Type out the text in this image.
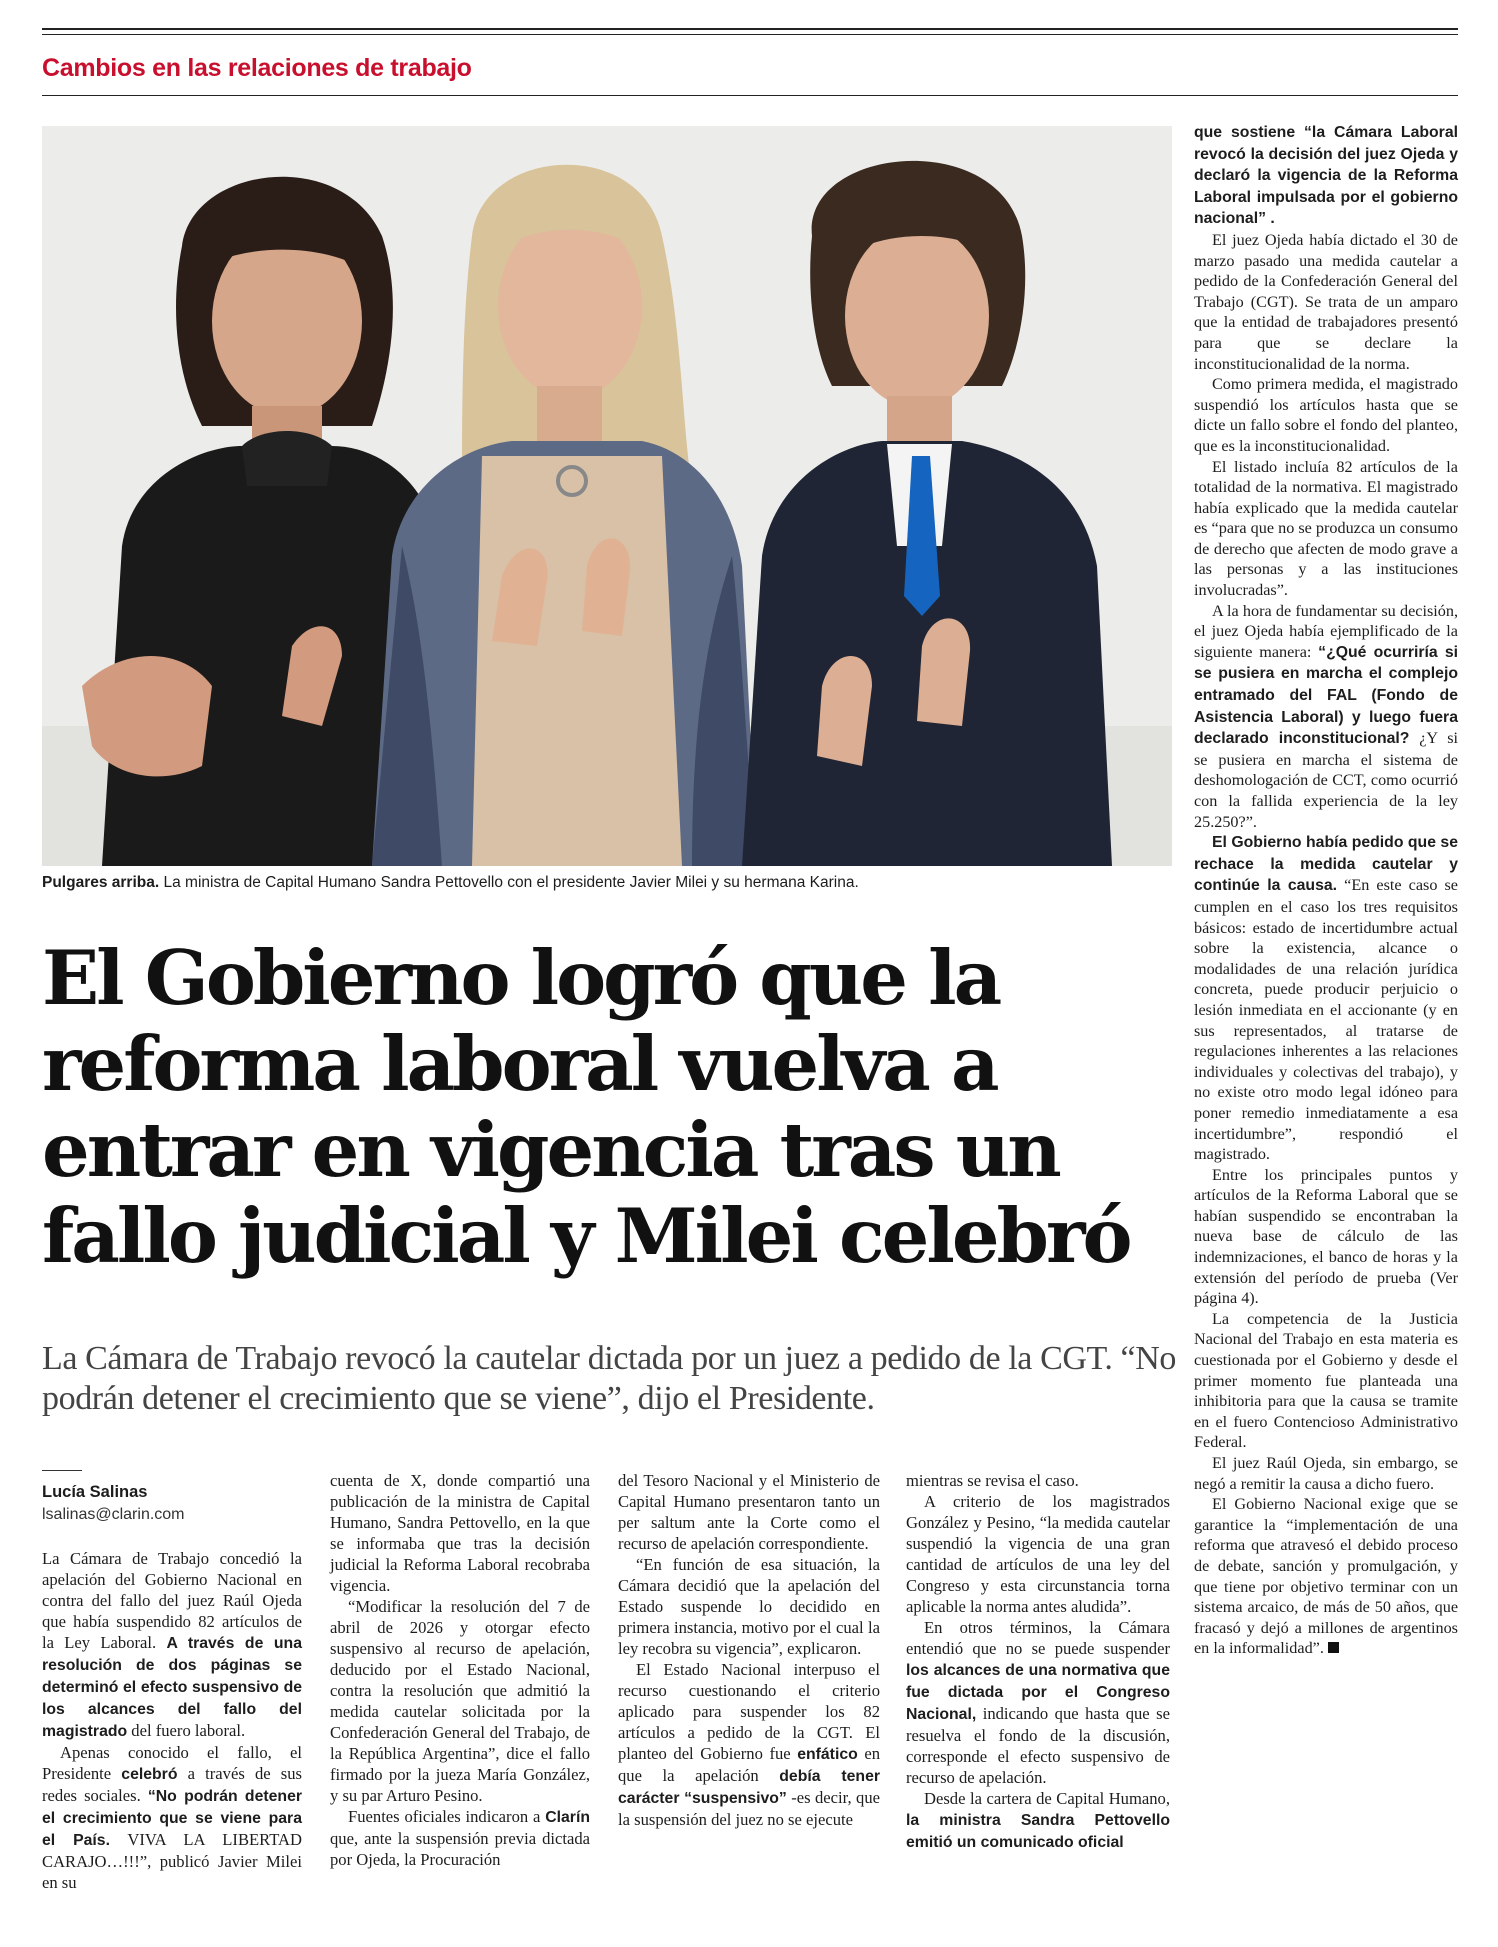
Cambios en las relaciones de trabajo
Pulgares arriba. La ministra de Capital Humano Sandra Pettovello con el presidente Javier Milei y su hermana Karina.
El Gobierno logró que la reforma laboral vuelva a entrar en vigencia tras un fallo judicial y Milei celebró
La Cámara de Trabajo revocó la cautelar dictada por un juez a pedido de la CGT. “No podrán detener el crecimiento que se viene”, dijo el Presidente.
Lucía Salinas
lsalinas@clarin.com

La Cámara de Trabajo concedió la apelación del Gobierno Nacional en contra del fallo del juez Raúl Ojeda que había suspendido 82 artículos de la Ley Laboral. A través de una resolución de dos páginas se determinó el efecto suspensivo de los alcances del fallo del magistrado del fuero laboral.

Apenas conocido el fallo, el Presidente celebró a través de sus redes sociales. “No podrán detener el crecimiento que se viene para el País. VIVA LA LIBERTAD CARAJO…!!!”, publicó Javier Milei en su

cuenta de X, donde compartió una publicación de la ministra de Capital Humano, Sandra Pettovello, en la que se informaba que tras la decisión judicial la Reforma Laboral recobraba vigencia.

“Modificar la resolución del 7 de abril de 2026 y otorgar efecto suspensivo al recurso de apelación, deducido por el Estado Nacional, contra la resolución que admitió la medida cautelar solicitada por la Confederación General del Trabajo, de la República Argentina”, dice el fallo firmado por la jueza María González, y su par Arturo Pesino.

Fuentes oficiales indicaron a Clarín que, ante la suspensión previa dictada por Ojeda, la Procuración

del Tesoro Nacional y el Ministerio de Capital Humano presentaron tanto un per saltum ante la Corte como el recurso de apelación correspondiente.

“En función de esa situación, la Cámara decidió que la apelación del Estado suspende lo decidido en primera instancia, motivo por el cual la ley recobra su vigencia”, explicaron.

El Estado Nacional interpuso el recurso cuestionando el criterio aplicado para suspender los 82 artículos a pedido de la CGT. El planteo del Gobierno fue enfático en que la apelación debía tener carácter “suspensivo” -es decir, que la suspensión del juez no se ejecute

mientras se revisa el caso.

A criterio de los magistrados González y Pesino, “la medida cautelar suspendió la vigencia de una gran cantidad de artículos de una ley del Congreso y esta circunstancia torna aplicable la norma antes aludida”.

En otros términos, la Cámara entendió que no se puede suspender los alcances de una normativa que fue dictada por el Congreso Nacional, indicando que hasta que se resuelva el fondo de la discusión, corresponde el efecto suspensivo de recurso de apelación.

Desde la cartera de Capital Humano, la ministra Sandra Pettovello emitió un comunicado oficial

que sostiene “la Cámara Laboral revocó la decisión del juez Ojeda y declaró la vigencia de la Reforma Laboral impulsada por el gobierno nacional” .

El juez Ojeda había dictado el 30 de marzo pasado una medida cautelar a pedido de la Confederación General del Trabajo (CGT). Se trata de un amparo que la entidad de trabajadores presentó para que se declare la inconstitucionalidad de la norma.

Como primera medida, el magistrado suspendió los artículos hasta que se dicte un fallo sobre el fondo del planteo, que es la inconstitucionalidad.

El listado incluía 82 artículos de la totalidad de la normativa. El magistrado había explicado que la medida cautelar es “para que no se produzca un consumo de derecho que afecten de modo grave a las personas y a las instituciones involucradas”.

A la hora de fundamentar su decisión, el juez Ojeda había ejemplificado de la siguiente manera: “¿Qué ocurriría si se pusiera en marcha el complejo entramado del FAL (Fondo de Asistencia Laboral) y luego fuera declarado inconstitucional? ¿Y si se pusiera en marcha el sistema de deshomologación de CCT, como ocurrió con la fallida experiencia de la ley 25.250?”.

El Gobierno había pedido que se rechace la medida cautelar y continúe la causa. “En este caso se cumplen en el caso los tres requisitos básicos: estado de incertidumbre actual sobre la existencia, alcance o modalidades de una relación jurídica concreta, puede producir perjuicio o lesión inmediata en el accionante (y en sus representados, al tratarse de regulaciones inherentes a las relaciones individuales y colectivas del trabajo), y no existe otro modo legal idóneo para poner remedio inmediatamente a esa incertidumbre”, respondió el magistrado.

Entre los principales puntos y artículos de la Reforma Laboral que se habían suspendido se encontraban la nueva base de cálculo de las indemnizaciones, el banco de horas y la extensión del período de prueba (Ver página 4).

La competencia de la Justicia Nacional del Trabajo en esta materia es cuestionada por el Gobierno y desde el primer momento fue planteada una inhibitoria para que la causa se tramite en el fuero Contencioso Administrativo Federal.

El juez Raúl Ojeda, sin embargo, se negó a remitir la causa a dicho fuero.

El Gobierno Nacional exige que se garantice la “implementación de una reforma que atravesó el debido proceso de debate, sanción y promulgación, y que tiene por objetivo terminar con un sistema arcaico, de más de 50 años, que fracasó y dejó a millones de argentinos en la informalidad”.
